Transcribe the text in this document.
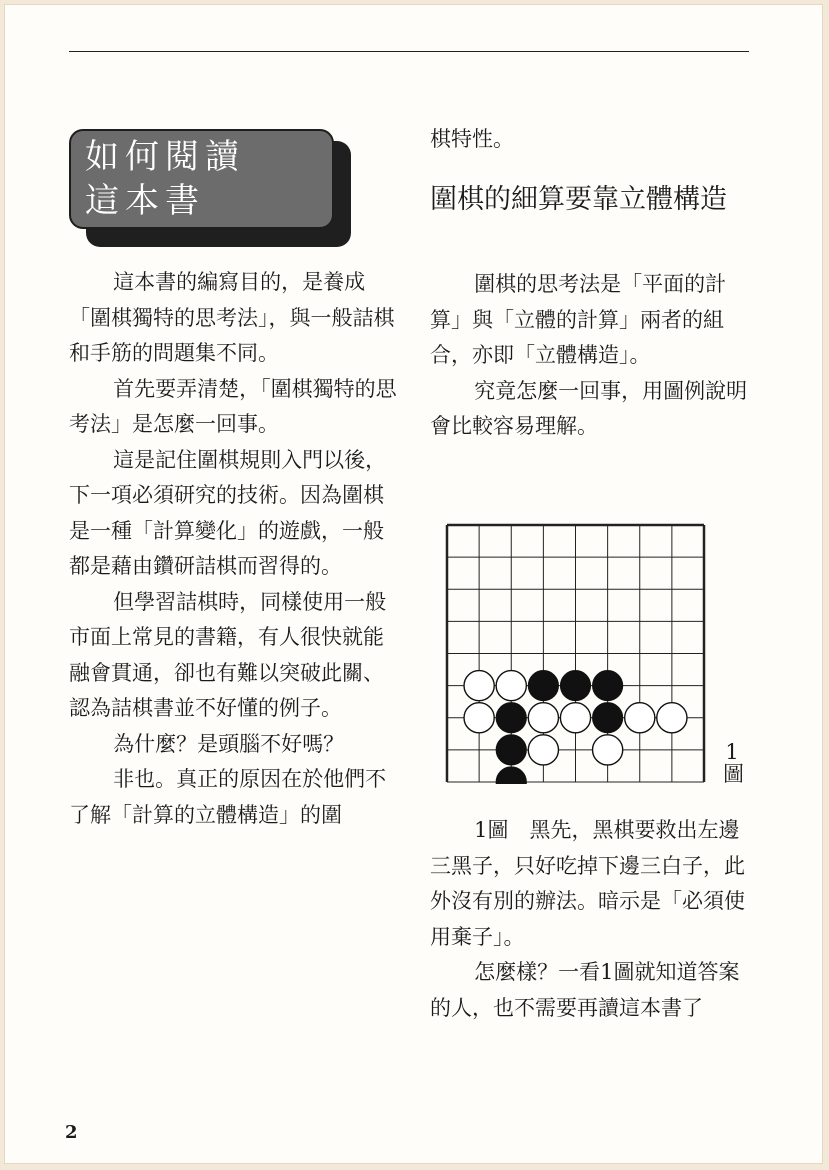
如何閱讀
這本書

這本書的編寫目的，是養成「圍棋獨特的思考法」，與一般詰棋和手筋的問題集不同。

首先要弄清楚，「圍棋獨特的思考法」是怎麼一回事。

這是記住圍棋規則入門以後，下一項必須研究的技術。因為圍棋是一種「計算變化」的遊戲，一般都是藉由鑽研詰棋而習得的。

但學習詰棋時，同樣使用一般市面上常見的書籍，有人很快就能融會貫通，卻也有難以突破此關、認為詰棋書並不好懂的例子。

為什麼？是頭腦不好嗎？

非也。真正的原因在於他們不了解「計算的立體構造」的圍

棋特性。

圍棋的細算要靠立體構造

圍棋的思考法是「平面的計算」與「立體的計算」兩者的組合，亦即「立體構造」。

究竟怎麼一回事，用圖例說明會比較容易理解。

1圖

1圖　黑先，黑棋要救出左邊三黑子，只好吃掉下邊三白子，此外沒有別的辦法。暗示是「必須使用棄子」。

怎麼樣？一看1圖就知道答案的人，也不需要再讀這本書了

2
